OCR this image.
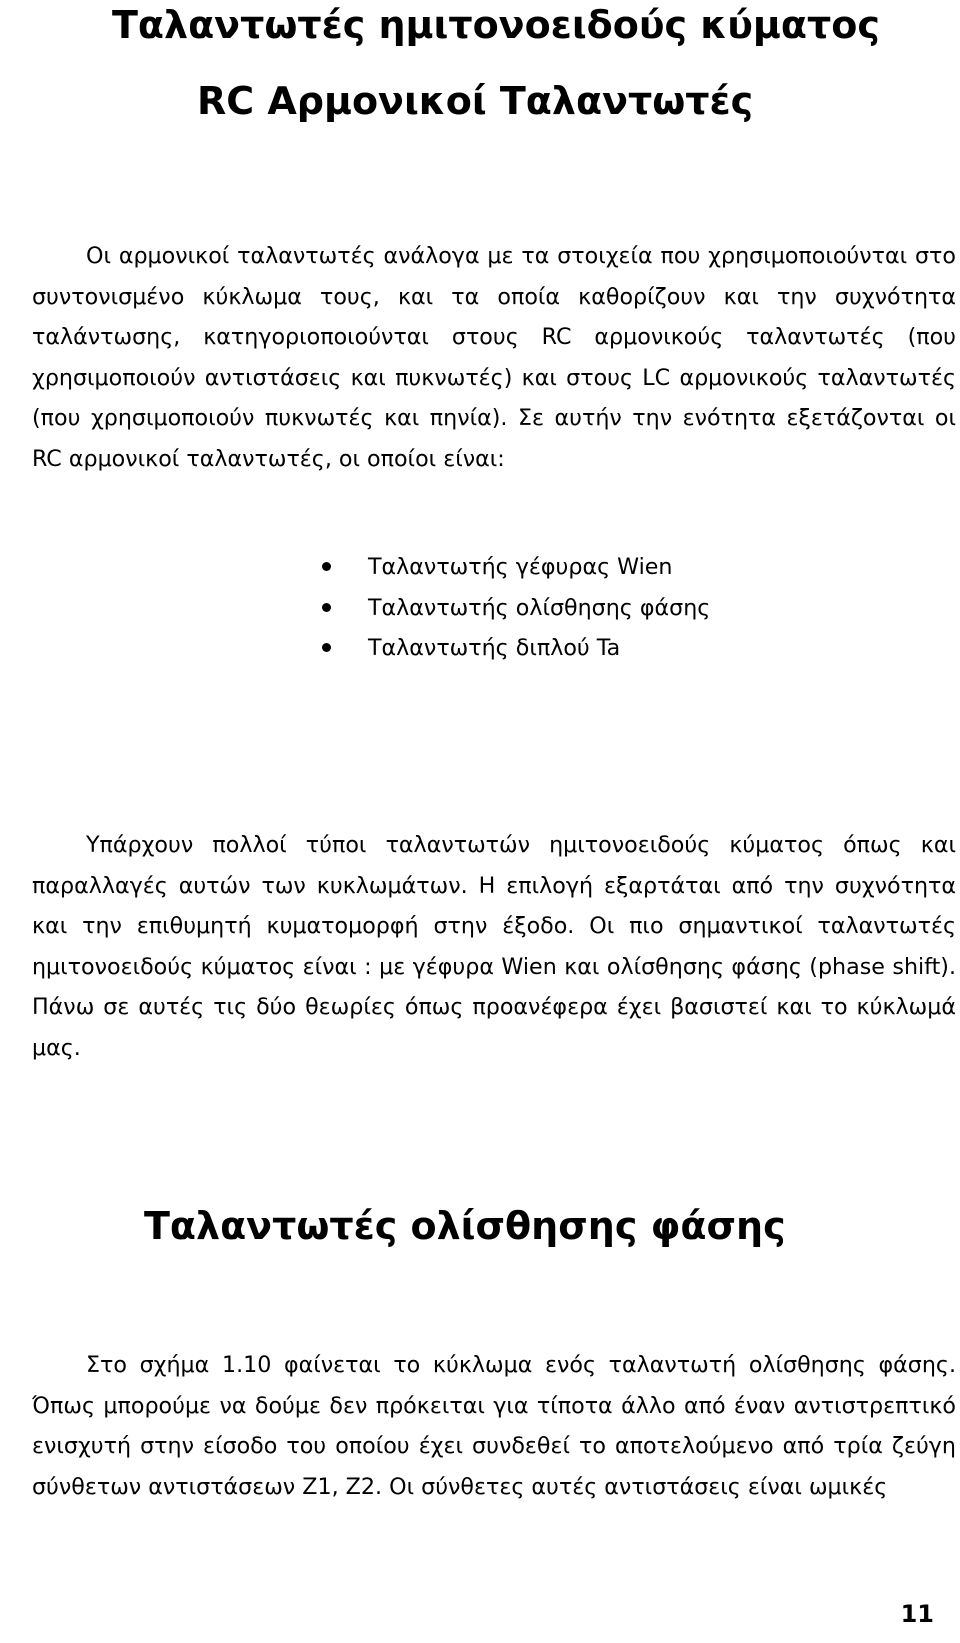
Ταλαντωτές ημιτονοειδούς κύματος
RC Αρμονικοί Ταλαντωτές

Οι αρμονικοί ταλαντωτές ανάλογα με τα στοιχεία που χρησιμοποιούνται στο συντονισμένο κύκλωμα τους, και τα οποία καθορίζουν και την συχνότητα ταλάντωσης, κατηγοριοποιούνται στους RC αρμονικούς ταλαντωτές (που χρησιμοποιούν αντιστάσεις και πυκνωτές) και στους LC αρμονικούς ταλαντωτές (που χρησιμοποιούν πυκνωτές και πηνία). Σε αυτήν την ενότητα εξετάζονται οι RC αρμονικοί ταλαντωτές, οι οποίοι είναι:

Ταλαντωτής γέφυρας Wien
Ταλαντωτής ολίσθησης φάσης
Ταλαντωτής διπλού Ta

Υπάρχουν πολλοί τύποι ταλαντωτών ημιτονοειδούς κύματος όπως και παραλλαγές αυτών των κυκλωμάτων. Η επιλογή εξαρτάται από την συχνότητα και την επιθυμητή κυματομορφή στην έξοδο. Οι πιο σημαντικοί ταλαντωτές ημιτονοειδούς κύματος είναι : με γέφυρα Wien και ολίσθησης φάσης (phase shift). Πάνω σε αυτές τις δύο θεωρίες όπως προανέφερα έχει βασιστεί και το κύκλωμά μας.

Ταλαντωτές ολίσθησης φάσης

Στο σχήμα 1.10 φαίνεται το κύκλωμα ενός ταλαντωτή ολίσθησης φάσης. Όπως μπορούμε να δούμε δεν πρόκειται για τίποτα άλλο από έναν αντιστρεπτικό ενισχυτή στην είσοδο του οποίου έχει συνδεθεί το αποτελούμενο από τρία ζεύγη σύνθετων αντιστάσεων Z1, Z2. Οι σύνθετες αυτές αντιστάσεις είναι ωμικές

11
